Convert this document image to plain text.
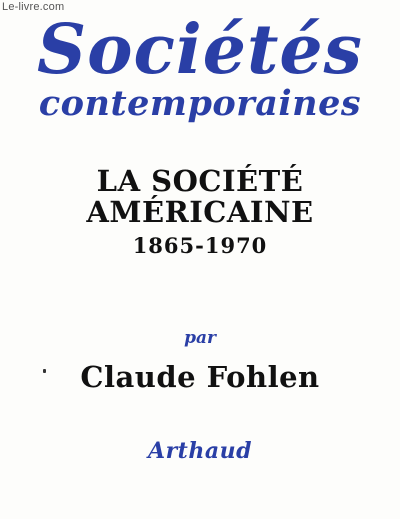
Le-livre.com
Sociétés
contemporaines
LA SOCIÉTÉ
AMÉRICAINE
1865-1970
par
Claude Fohlen
Arthaud
